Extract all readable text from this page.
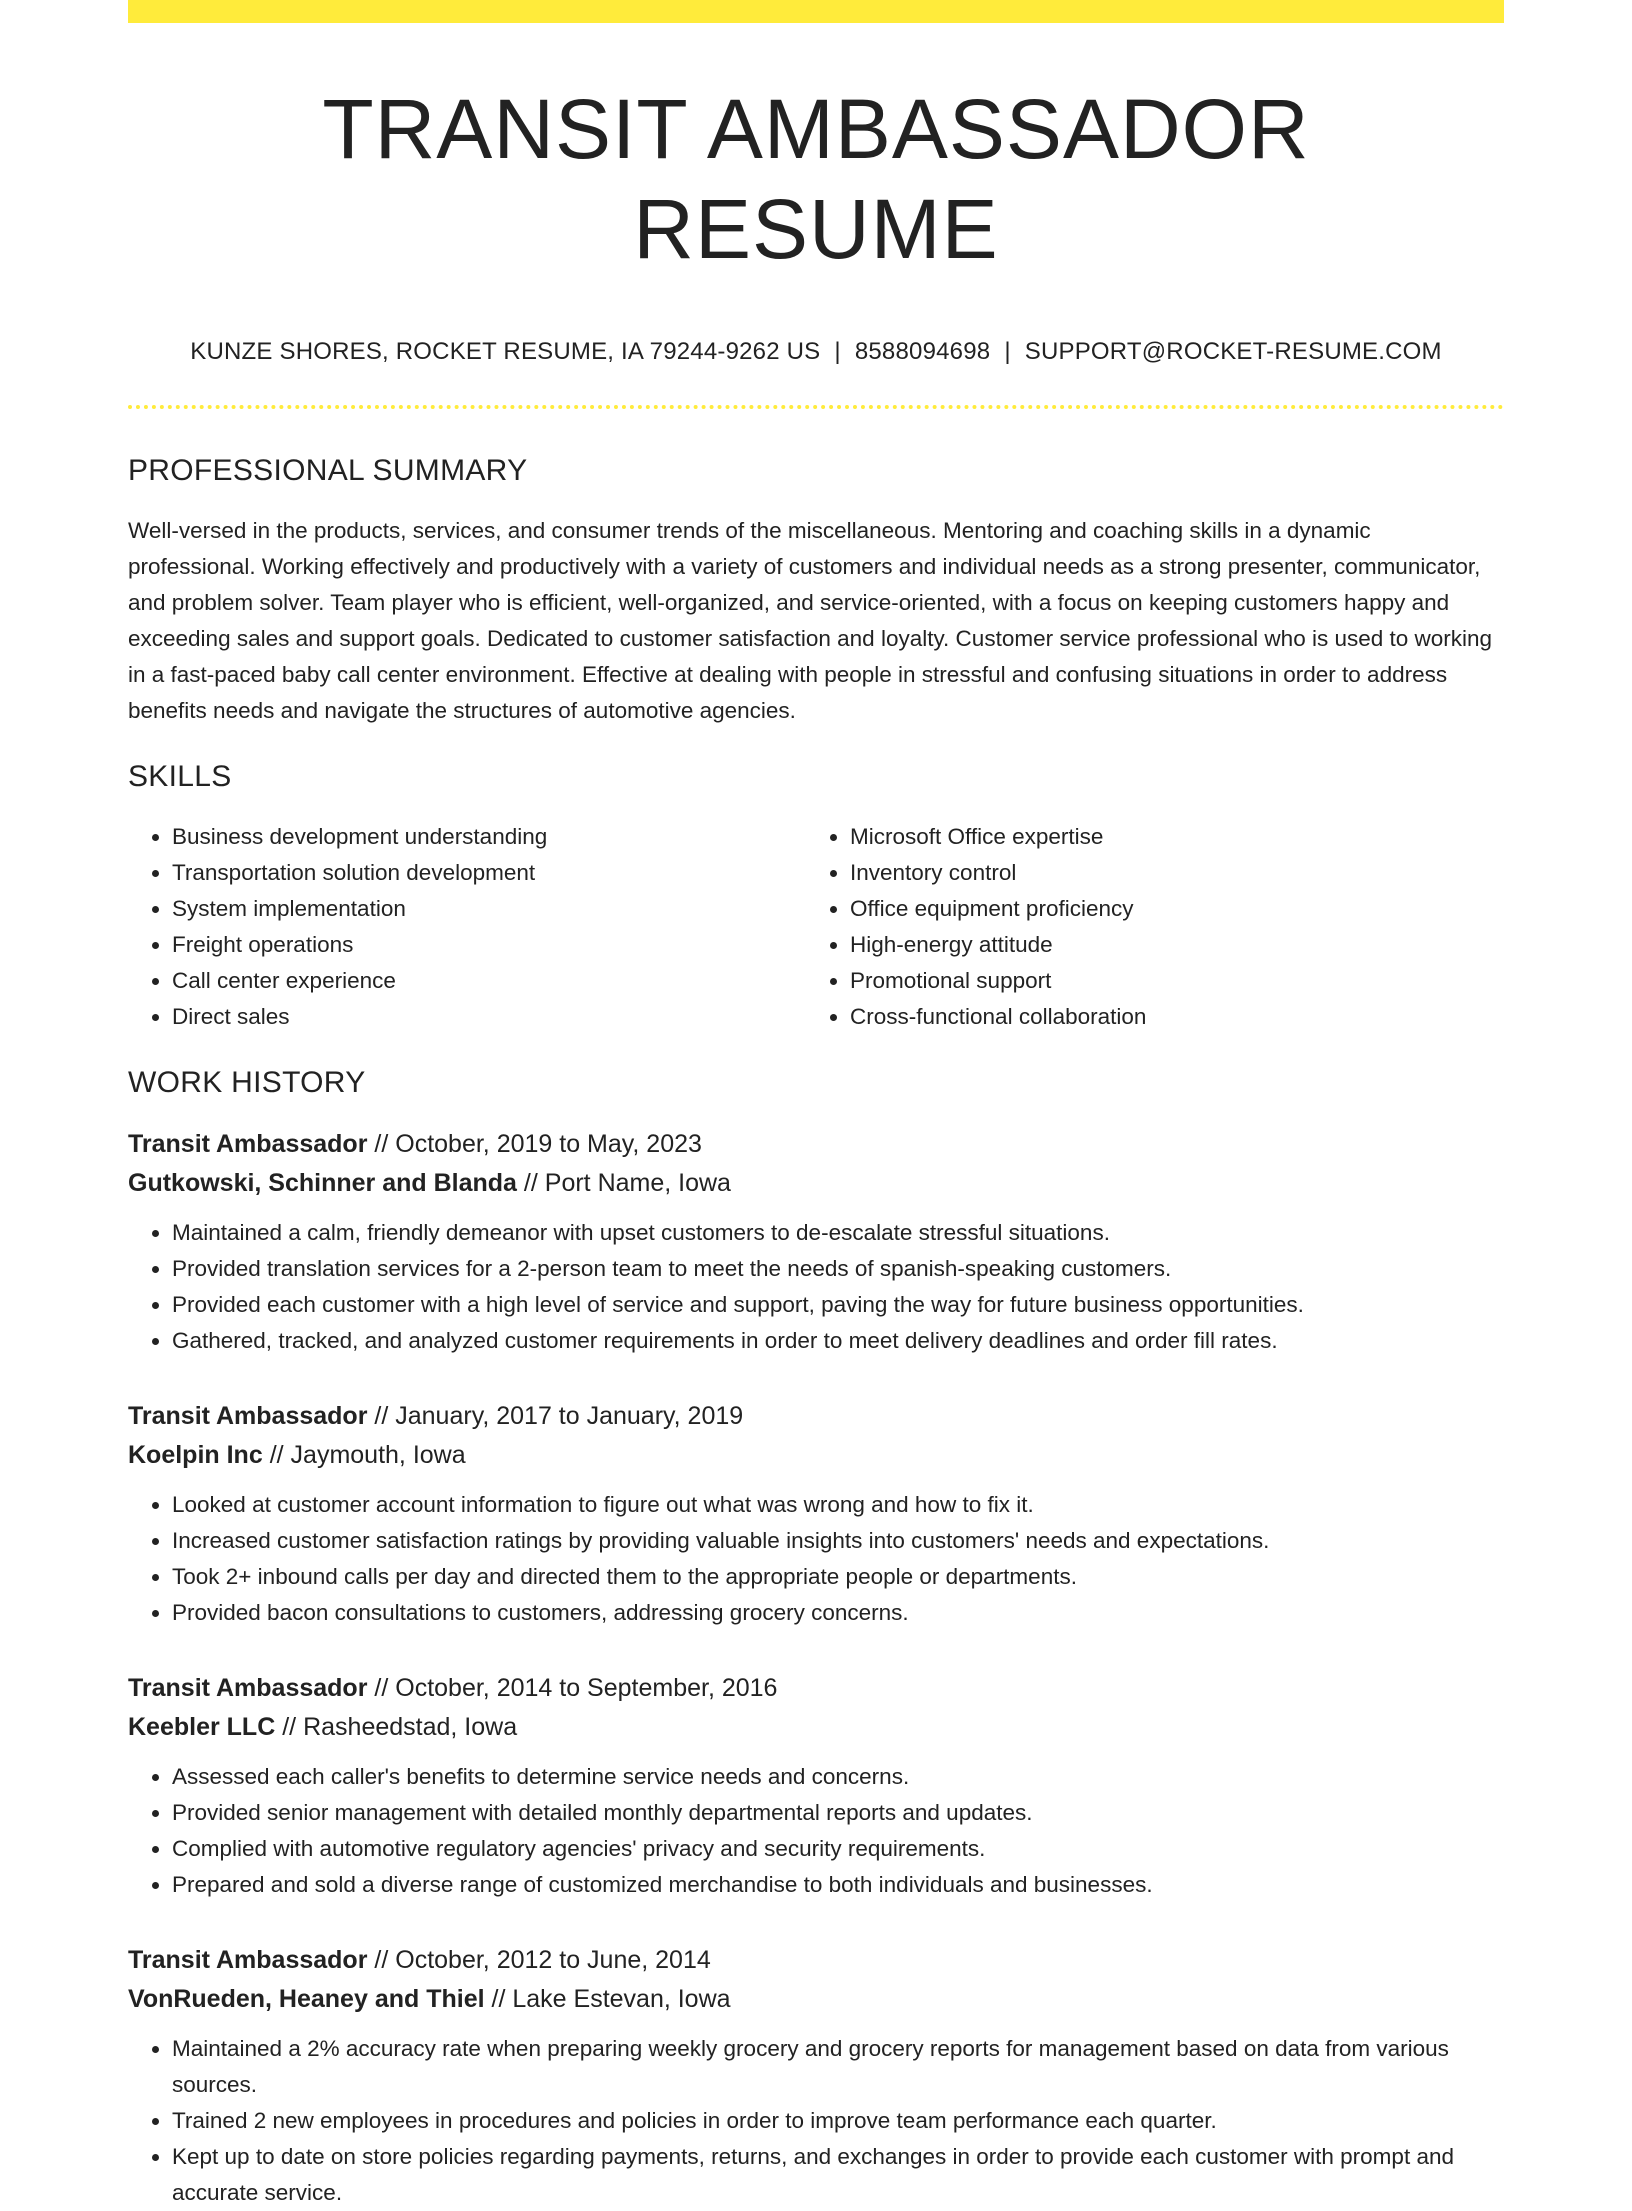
TRANSIT AMBASSADOR RESUME
KUNZE SHORES, ROCKET RESUME, IA 79244-9262 US | 8588094698 | SUPPORT@ROCKET-RESUME.COM
PROFESSIONAL SUMMARY

Well-versed in the products, services, and consumer trends of the miscellaneous. Mentoring and coaching skills in a dynamic professional. Working effectively and productively with a variety of customers and individual needs as a strong presenter, communicator, and problem solver. Team player who is efficient, well-organized, and service-oriented, with a focus on keeping customers happy and exceeding sales and support goals. Dedicated to customer satisfaction and loyalty. Customer service professional who is used to working in a fast-paced baby call center environment. Effective at dealing with people in stressful and confusing situations in order to address benefits needs and navigate the structures of automotive agencies.

SKILLS
• Business development understanding
• Transportation solution development
• System implementation
• Freight operations
• Call center experience
• Direct sales
• Microsoft Office expertise
• Inventory control
• Office equipment proficiency
• High-energy attitude
• Promotional support
• Cross-functional collaboration
WORK HISTORY
Transit Ambassador // October, 2019 to May, 2023
Gutkowski, Schinner and Blanda // Port Name, Iowa
• Maintained a calm, friendly demeanor with upset customers to de-escalate stressful situations.
• Provided translation services for a 2-person team to meet the needs of spanish-speaking customers.
• Provided each customer with a high level of service and support, paving the way for future business opportunities.
• Gathered, tracked, and analyzed customer requirements in order to meet delivery deadlines and order fill rates.
Transit Ambassador // January, 2017 to January, 2019
Koelpin Inc // Jaymouth, Iowa
• Looked at customer account information to figure out what was wrong and how to fix it.
• Increased customer satisfaction ratings by providing valuable insights into customers' needs and expectations.
• Took 2+ inbound calls per day and directed them to the appropriate people or departments.
• Provided bacon consultations to customers, addressing grocery concerns.
Transit Ambassador // October, 2014 to September, 2016
Keebler LLC // Rasheedstad, Iowa
• Assessed each caller's benefits to determine service needs and concerns.
• Provided senior management with detailed monthly departmental reports and updates.
• Complied with automotive regulatory agencies' privacy and security requirements.
• Prepared and sold a diverse range of customized merchandise to both individuals and businesses.
Transit Ambassador // October, 2012 to June, 2014
VonRueden, Heaney and Thiel // Lake Estevan, Iowa
• Maintained a 2% accuracy rate when preparing weekly grocery and grocery reports for management based on data from various sources.
• Trained 2 new employees in procedures and policies in order to improve team performance each quarter.
• Kept up to date on store policies regarding payments, returns, and exchanges in order to provide each customer with prompt and accurate service.
